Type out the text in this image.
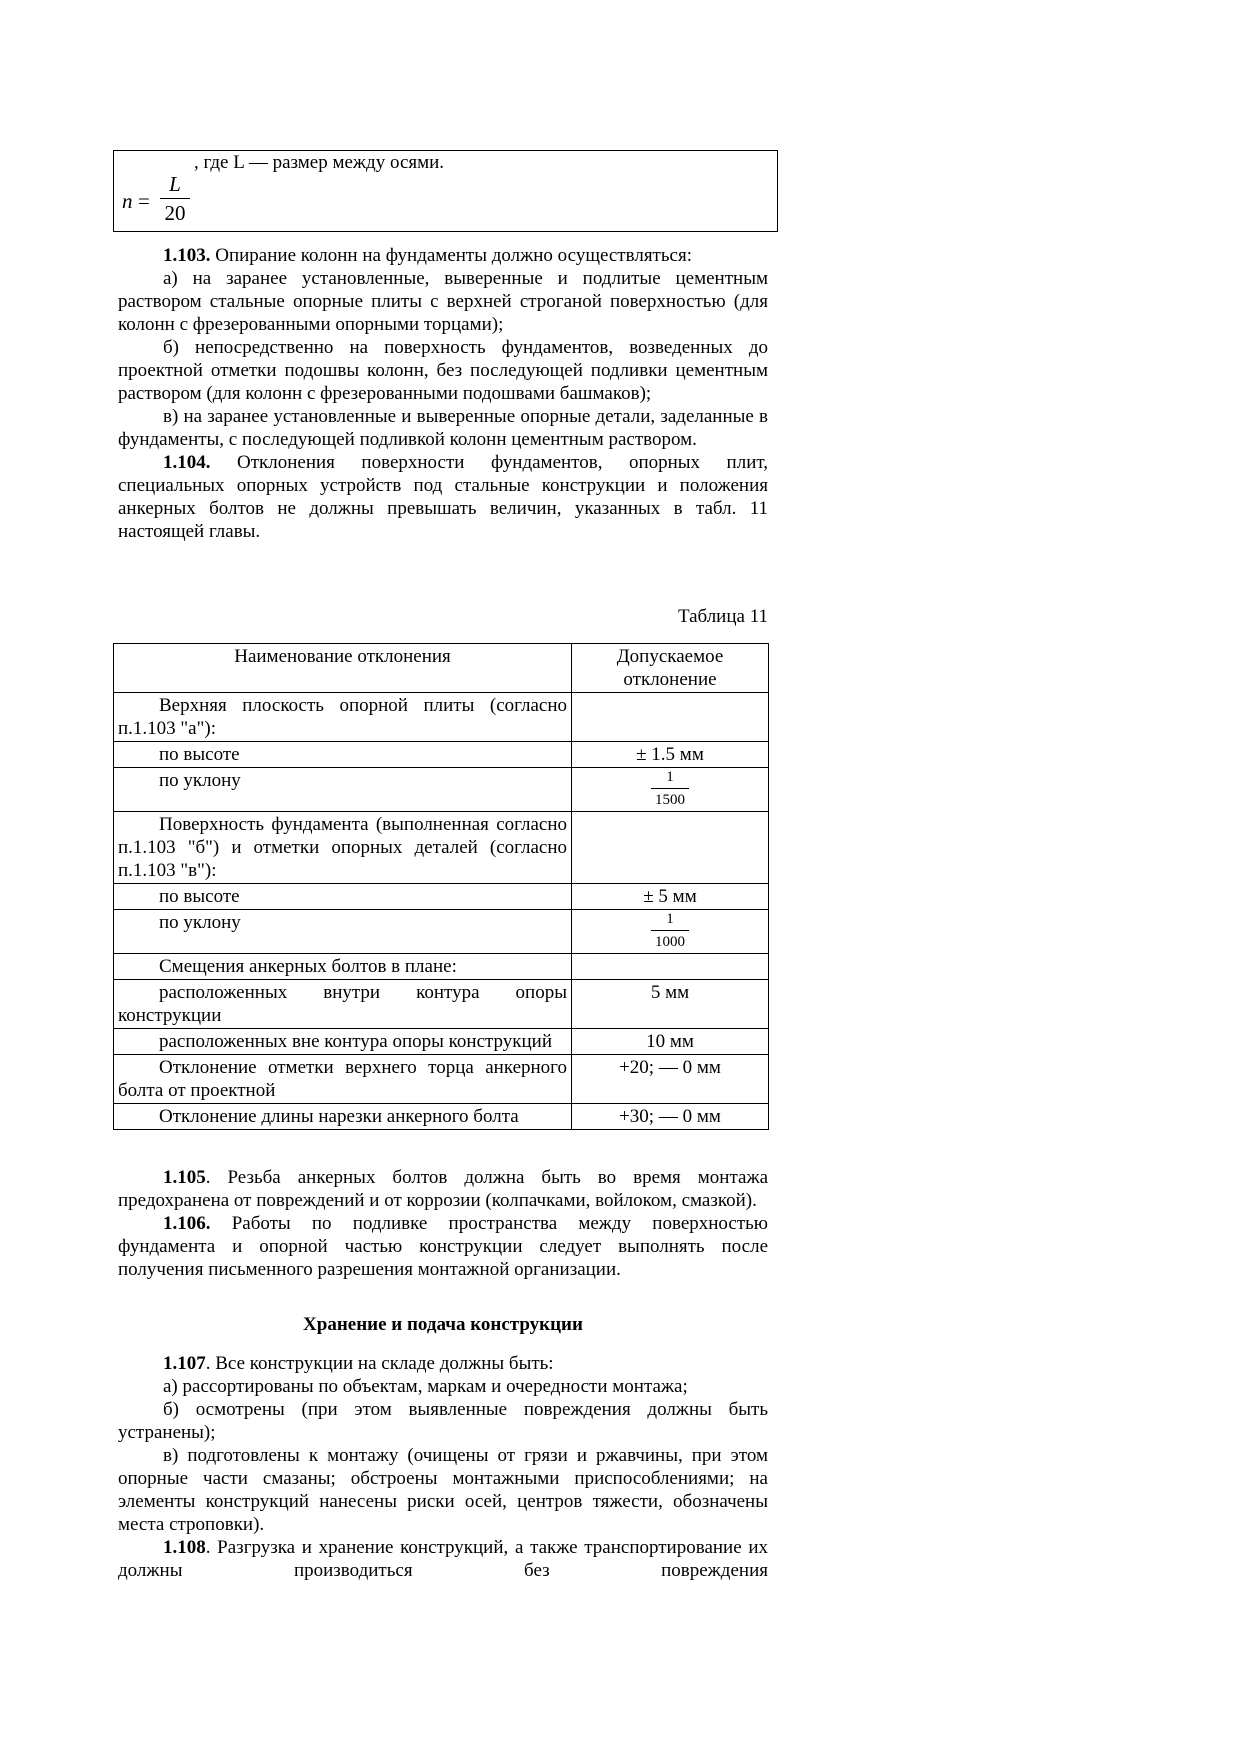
, где L — размер между осями.
n =
L
20

1.103. Опирание колонн на фундаменты должно осуществляться:

а) на заранее установленные, выверенные и подлитые цементным раствором стальные опорные плиты с верхней строганой поверхностью (для колонн с фрезерованными опорными торцами);

б) непосредственно на поверхность фундаментов, возведенных до проектной отметки подошвы колонн, без последующей подливки цементным раствором (для колонн с фрезерованными подошвами башмаков);

в) на заранее установленные и выверенные опорные детали, заделанные в фундаменты, с последующей подливкой колонн цементным раствором.

1.104. Отклонения поверхности фундаментов, опорных плит, специальных опорных устройств под стальные конструкции и положения анкерных болтов не должны превышать величин, указанных в табл. 11 настоящей главы.

Таблица 11
Наименование отклонения	Допускаемое отклонение
Верхняя плоскость опорной плиты (согласно п.1.103 "а"):	
по высоте	± 1.5 мм
по уклону	$\frac{1}{1500}$

Поверхность фундамента (выполненная согласно п.1.103 "б") и отметки опорных деталей (согласно п.1.103 "в"):	
по высоте	± 5 мм
по уклону	$\frac{1}{1000}$

Смещения анкерных болтов в плане:	
расположенных внутри контура опоры конструкции	5 мм
расположенных вне контура опоры конструкций	10 мм
Отклонение отметки верхнего торца анкерного болта от проектной	+20; — 0 мм
Отклонение длины нарезки анкерного болта	+30; — 0 мм

1.105. Резьба анкерных болтов должна быть во время монтажа предохранена от повреждений и от коррозии (колпачками, войлоком, смазкой).

1.106. Работы по подливке пространства между поверхностью фундамента и опорной частью конструкции следует выполнять после получения письменного разрешения монтажной организации.

Хранение и подача конструкции

1.107. Все конструкции на складе должны быть:

а) рассортированы по объектам, маркам и очередности монтажа;

б) осмотрены (при этом выявленные повреждения должны быть устранены);

в) подготовлены к монтажу (очищены от грязи и ржавчины, при этом опорные части смазаны; обстроены монтажными приспособлениями; на элементы конструкций нанесены риски осей, центров тяжести, обозначены места строповки).

1.108. Разгрузка и хранение конструкций, а также транспортирование их должны производиться без повреждения
